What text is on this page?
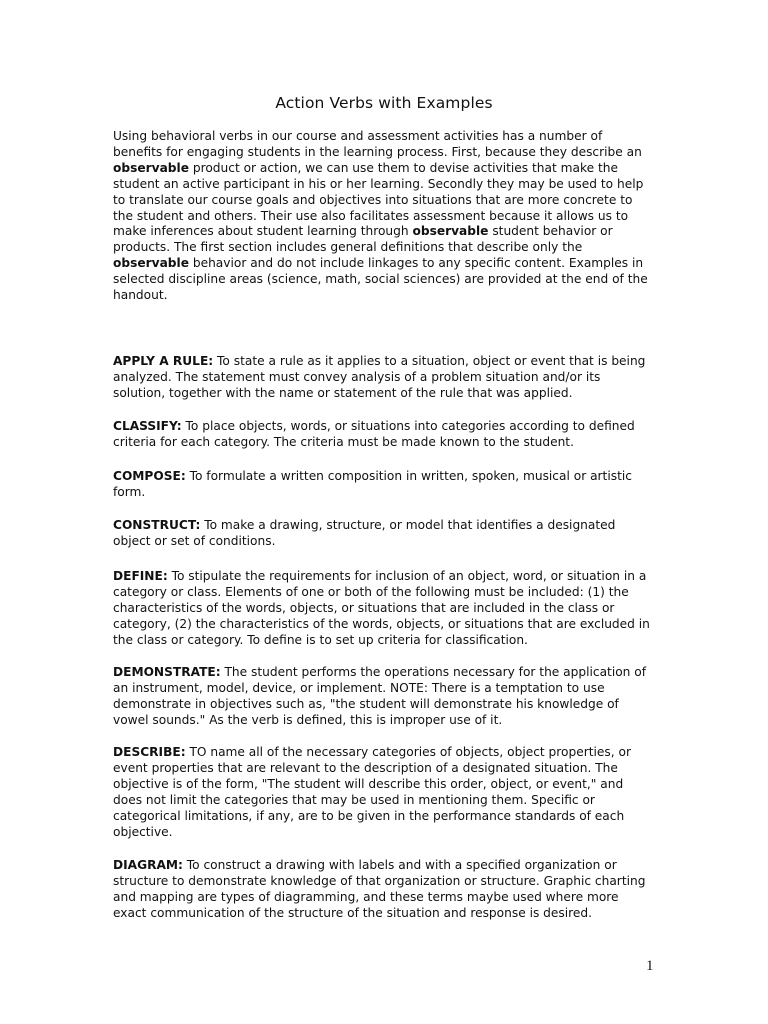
Action Verbs with Examples

Using behavioral verbs in our course and assessment activities has a number of benefits for engaging students in the learning process. First, because they describe an observable product or action, we can use them to devise activities that make the student an active participant in his or her learning. Secondly they may be used to help to translate our course goals and objectives into situations that are more concrete to the student and others. Their use also facilitates assessment because it allows us to make inferences about student learning through observable student behavior or products. The first section includes general definitions that describe only the observable behavior and do not include linkages to any specific content. Examples in selected discipline areas (science, math, social sciences) are provided at the end of the handout.

APPLY A RULE: To state a rule as it applies to a situation, object or event that is being analyzed. The statement must convey analysis of a problem situation and/or its solution, together with the name or statement of the rule that was applied.

CLASSIFY: To place objects, words, or situations into categories according to defined criteria for each category. The criteria must be made known to the student.

COMPOSE: To formulate a written composition in written, spoken, musical or artistic form.

CONSTRUCT: To make a drawing, structure, or model that identifies a designated object or set of conditions.

DEFINE: To stipulate the requirements for inclusion of an object, word, or situation in a category or class. Elements of one or both of the following must be included: (1) the characteristics of the words, objects, or situations that are included in the class or category, (2) the characteristics of the words, objects, or situations that are excluded in the class or category. To define is to set up criteria for classification.

DEMONSTRATE: The student performs the operations necessary for the application of an instrument, model, device, or implement. NOTE: There is a temptation to use demonstrate in objectives such as, "the student will demonstrate his knowledge of vowel sounds." As the verb is defined, this is improper use of it.

DESCRIBE: TO name all of the necessary categories of objects, object properties, or event properties that are relevant to the description of a designated situation. The objective is of the form, "The student will describe this order, object, or event," and does not limit the categories that may be used in mentioning them. Specific or categorical limitations, if any, are to be given in the performance standards of each objective.

DIAGRAM: To construct a drawing with labels and with a specified organization or structure to demonstrate knowledge of that organization or structure. Graphic charting and mapping are types of diagramming, and these terms maybe used where more exact communication of the structure of the situation and response is desired.

1
